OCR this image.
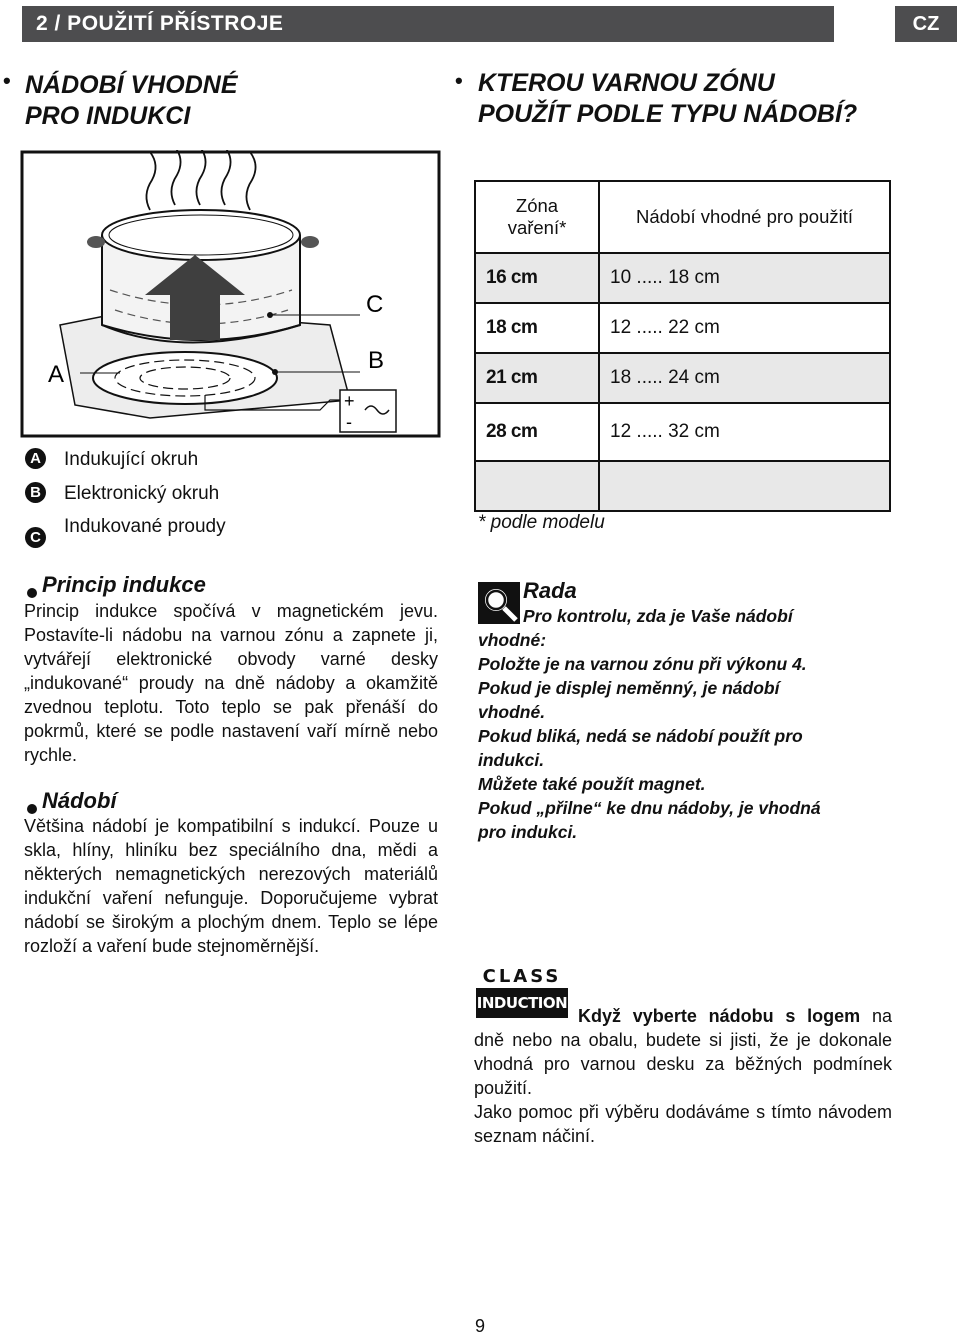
2 / POUŽITÍ PŘÍSTROJE	CZ
• NÁDOBÍ VHODNÉ
PRO INDUKCI
• KTEROU VARNOU ZÓNU
POUŽÍT PODLE TYPU NÁDOBÍ?
+
-
A
B
C
A Indukující okruh
B Elektronický okruh
C
Indukované proudy
Zóna
vaření*	Nádobí vhodné pro použití
16 cm	10 ..... 18 cm
18 cm	12 ..... 22 cm
21 cm	18 ..... 24 cm
28 cm	12 ..... 32 cm

* podle modelu
Princip indukce
Princip indukce spočívá v magnetickém jevu. Postavíte-li nádobu na varnou zónu a zapnete ji, vytvářejí elektronické obvody varné desky „indukované“ proudy na dně nádoby a okamžitě zvednou teplotu. Toto teplo se pak přenáší do pokrmů, které se podle nastavení vaří mírně nebo rychle.
Nádobí
Většina nádobí je kompatibilní s indukcí. Pouze u skla, hlíny, hliníku bez speciálního dna, mědi a některých nemagnetických nerezových materiálů indukční vaření nefunguje. Doporučujeme vybrat nádobí se širokým a plochým dnem. Teplo se lépe rozloží a vaření bude stejnoměrnější.
Rada
Pro kontrolu, zda je Vaše nádobí
vhodné:
Položte je na varnou zónu při výkonu 4.
Pokud je displej neměnný, je nádobí
vhodné.
Pokud bliká, nedá se nádobí použít pro
indukci.
Můžete také použít magnet.
Pokud „přilne“ ke dnu nádoby, je vhodná
pro indukci.
CLASS
INDUCTION
Když vyberte nádobu s logem na dně nebo na obalu, budete si jisti, že je dokonale vhodná pro varnou desku za běžných podmínek použití.
Jako pomoc při výběru dodáváme s tímto návodem seznam náčiní.
9
